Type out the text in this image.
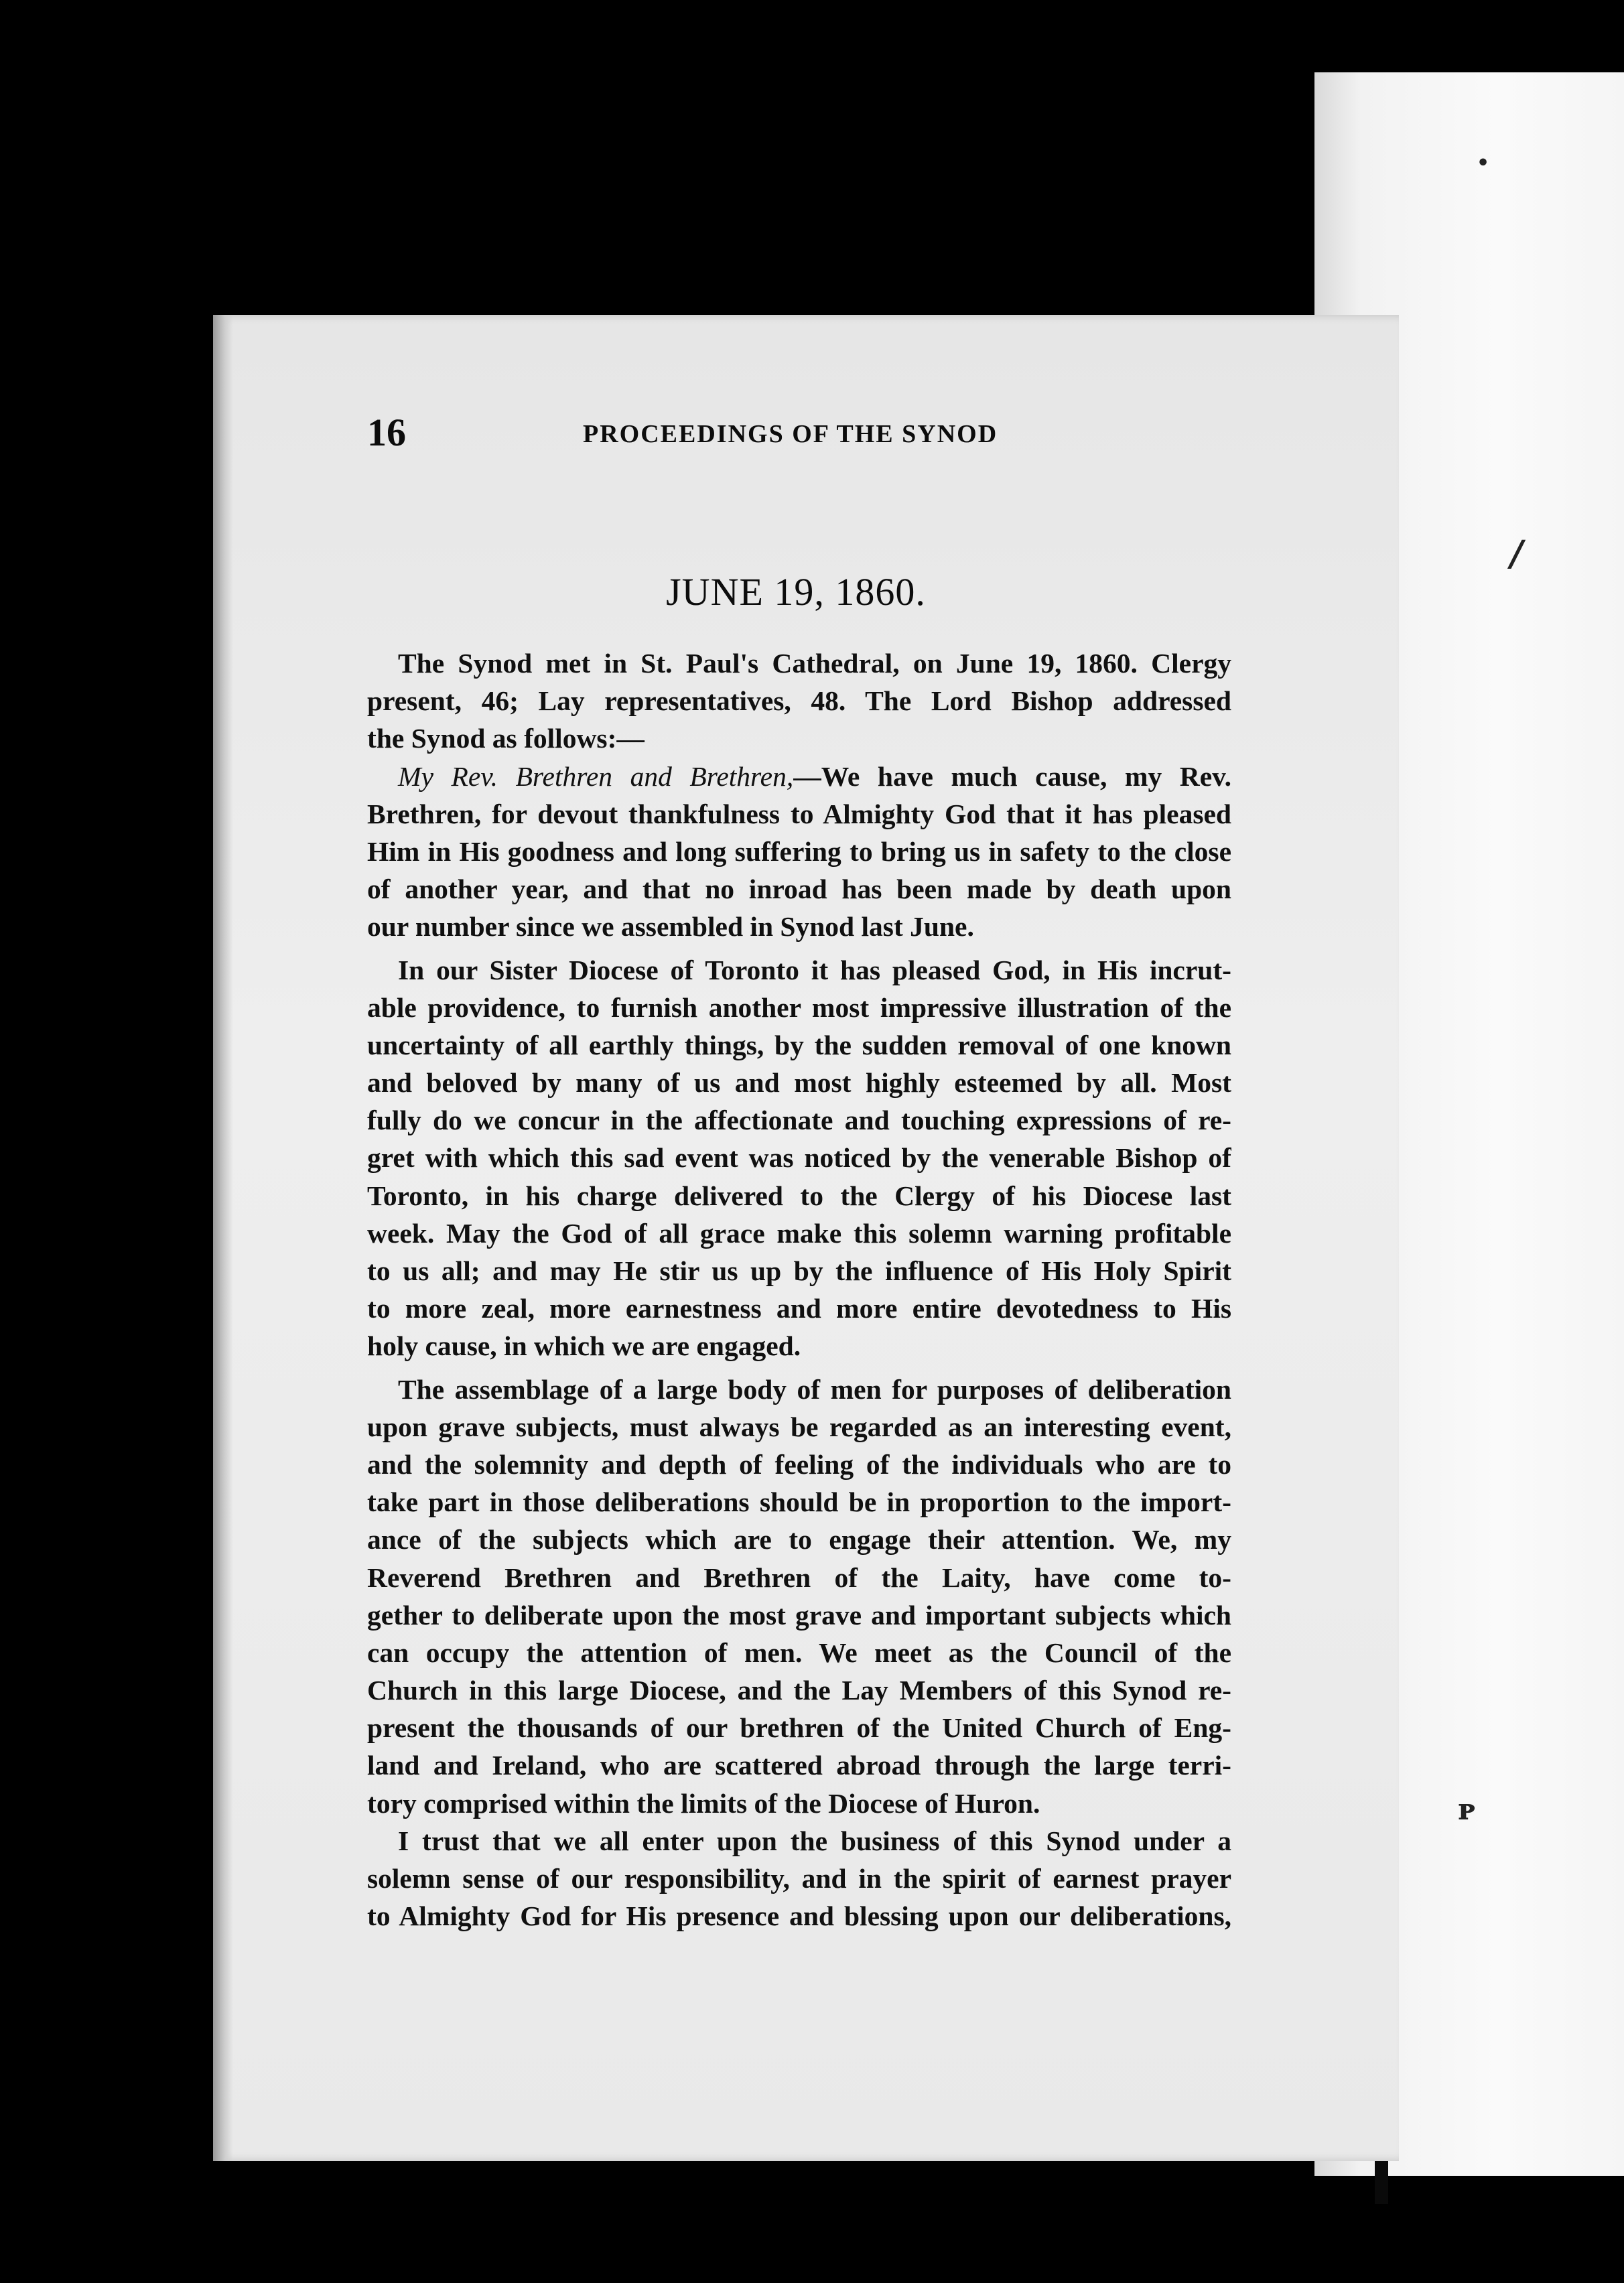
•
/
ᴘ

16	PROCEEDINGS OF THE SYNOD
JUNE 19, 1860.
The Synod met in St. Paul's Cathedral, on June 19, 1860. Clergy
present, 46; Lay representatives, 48. The Lord Bishop addressed
the Synod as follows:—
My Rev. Brethren and Brethren,—We have much cause, my Rev.
Brethren, for devout thankfulness to Almighty God that it has pleased
Him in His goodness and long suffering to bring us in safety to the close
of another year, and that no inroad has been made by death upon
our number since we assembled in Synod last June.
In our Sister Diocese of Toronto it has pleased God, in His incrut-
able providence, to furnish another most impressive illustration of the
uncertainty of all earthly things, by the sudden removal of one known
and beloved by many of us and most highly esteemed by all. Most
fully do we concur in the affectionate and touching expressions of re-
gret with which this sad event was noticed by the venerable Bishop of
Toronto, in his charge delivered to the Clergy of his Diocese last
week. May the God of all grace make this solemn warning profitable
to us all; and may He stir us up by the influence of His Holy Spirit
to more zeal, more earnestness and more entire devotedness to His
holy cause, in which we are engaged.
The assemblage of a large body of men for purposes of deliberation
upon grave subjects, must always be regarded as an interesting event,
and the solemnity and depth of feeling of the individuals who are to
take part in those deliberations should be in proportion to the import-
ance of the subjects which are to engage their attention. We, my
Reverend Brethren and Brethren of the Laity, have come to-
gether to deliberate upon the most grave and important subjects which
can occupy the attention of men. We meet as the Council of the
Church in this large Diocese, and the Lay Members of this Synod re-
present the thousands of our brethren of the United Church of Eng-
land and Ireland, who are scattered abroad through the large terri-
tory comprised within the limits of the Diocese of Huron.
I trust that we all enter upon the business of this Synod under a
solemn sense of our responsibility, and in the spirit of earnest prayer
to Almighty God for His presence and blessing upon our deliberations,
